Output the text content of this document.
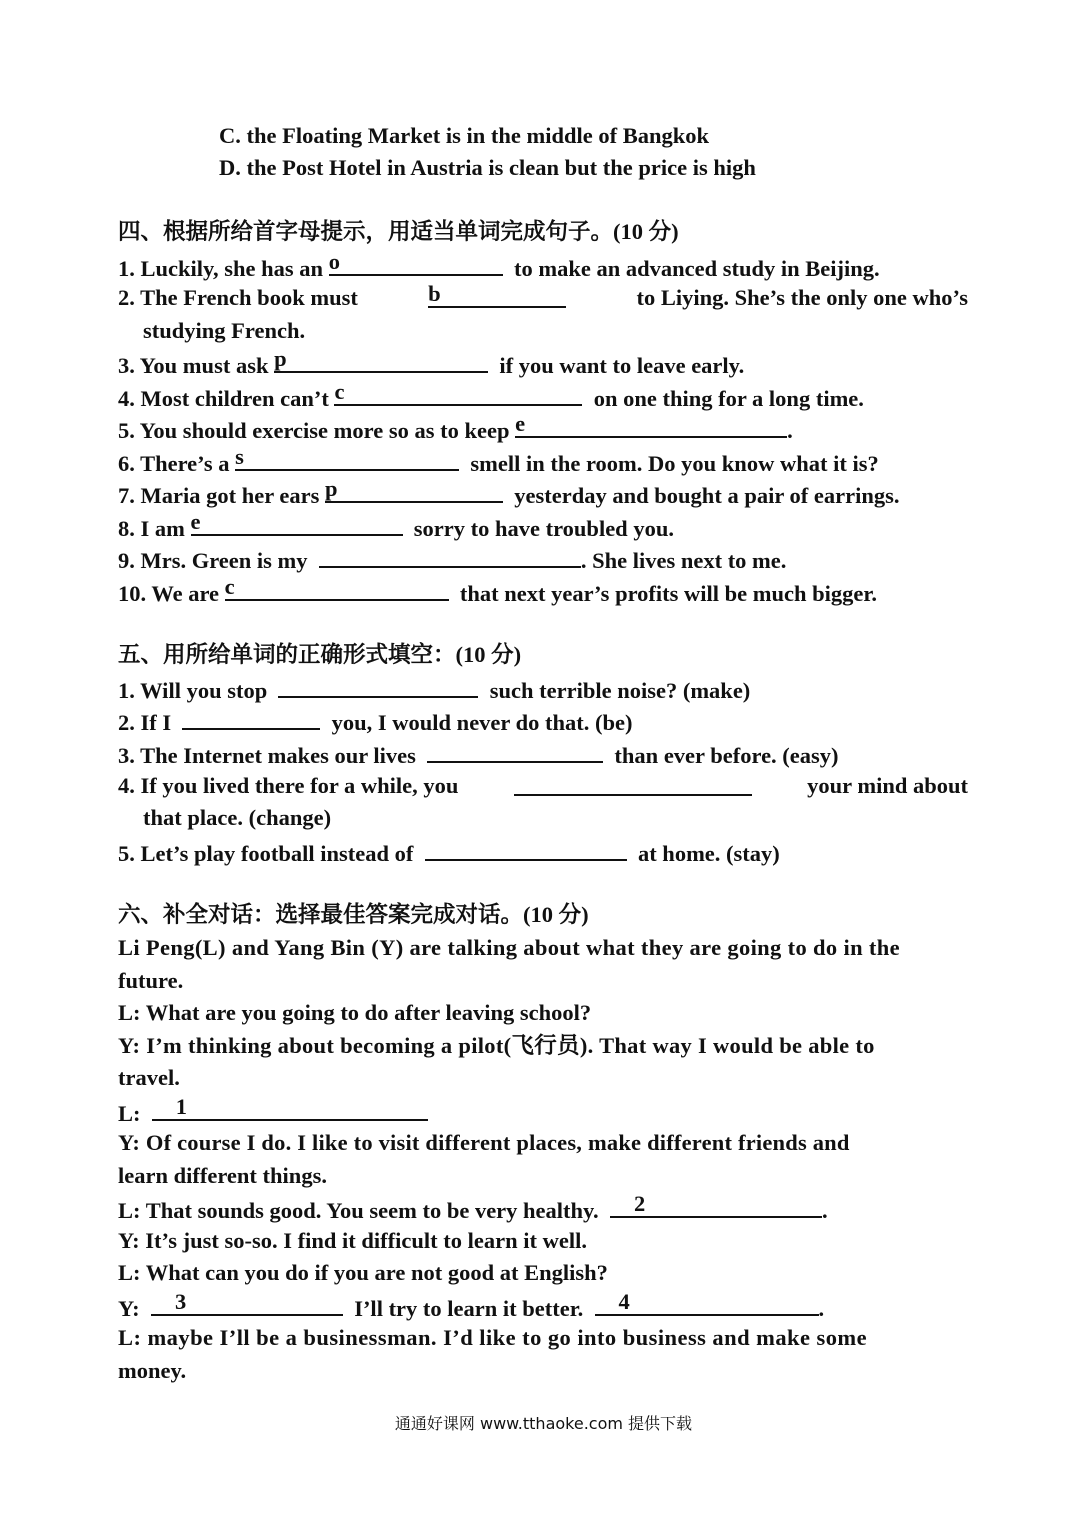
C. the Floating Market is in the middle of Bangkok
D. the Post Hotel in Austria is clean but the price is high
四、根据所给首字母提示，用适当单词完成句子。(10 分)
1. Luckily, she has an o	to make an advanced study in Beijing.
2. The French book must	b	to Liying. She’s the only one who’s
studying French.
3. You must ask p	if you want to leave early.
4. Most children can’t c	on one thing for a long time.
5. You should exercise more so as to keep e	.
6. There’s a s	smell in the room. Do you know what it is?
7. Maria got her ears p	yesterday and bought a pair of earrings.
8. I am e	sorry to have troubled you.
9. Mrs. Green is my	. She lives next to me.
10. We are c	that next year’s profits will be much bigger.
五、用所给单词的正确形式填空：(10 分)
1. Will you stop	such terrible noise? (make)
2. If I	you, I would never do that. (be)
3. The Internet makes our lives	than ever before. (easy)
4. If you lived there for a while, you	your mind about
that place. (change)
5. Let’s play football instead of	at home. (stay)
六、补全对话：选择最佳答案完成对话。(10 分)
Li Peng(L) and Yang Bin (Y) are talking about what they are going to do in the
future.
L: What are you going to do after leaving school?
Y: I’m thinking about becoming a pilot(飞行员). That way I would be able to
travel.
L: 1
Y: Of course I do. I like to visit different places, make different friends and
learn different things.
L: That sounds good. You seem to be very healthy. 2	.
Y: It’s just so-so. I find it difficult to learn it well.
L: What can you do if you are not good at English?
Y: 3	I’ll try to learn it better. 4	.
L: maybe I’ll be a businessman. I’d like to go into business and make some
money.
通通好课网 www.tthaoke.com 提供下载
